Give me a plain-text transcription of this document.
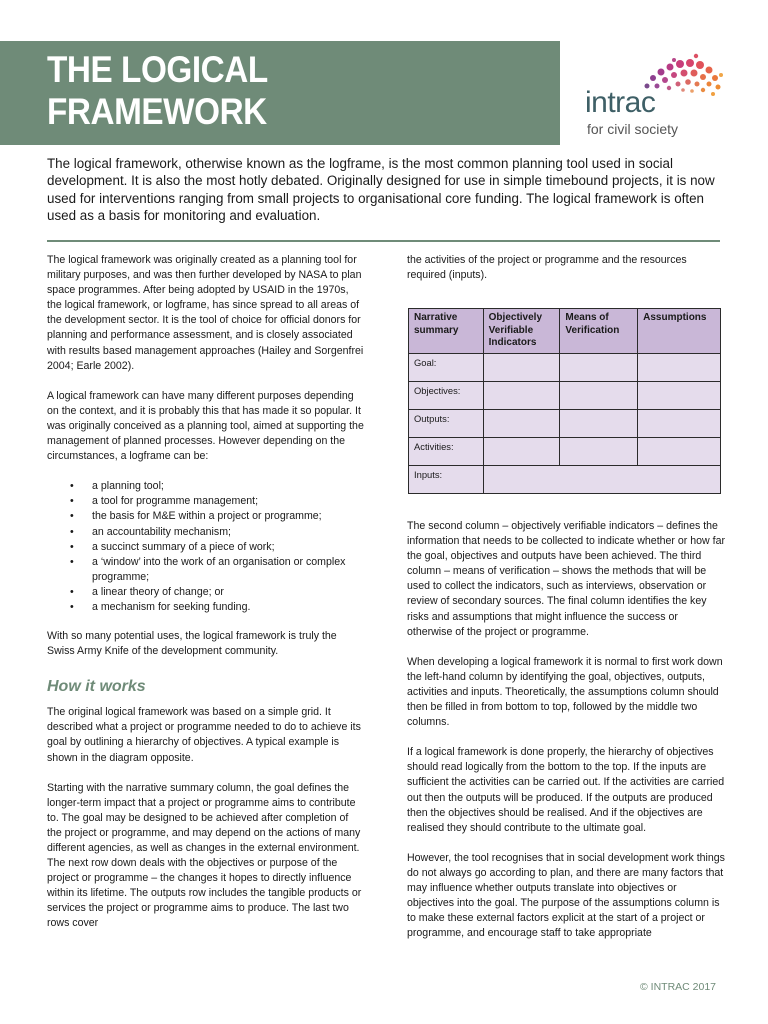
THE LOGICAL
FRAMEWORK	intrac
for civil society

The logical framework, otherwise known as the logframe, is the most common planning tool used in social development. It is also the most hotly debated. Originally designed for use in simple timebound projects, it is now used for interventions ranging from small projects to organisational core funding. The logical framework is often used as a basis for monitoring and evaluation.

The logical framework was originally created as a planning tool for military purposes, and was then further developed by NASA to plan space programmes. After being adopted by USAID in the 1970s, the logical framework, or logframe, has since spread to all areas of the development sector. It is the tool of choice for official donors for planning and performance assessment, and is closely associated with results based management approaches (Hailey and Sorgenfrei 2004; Earle 2002).

A logical framework can have many different purposes depending on the context, and it is probably this that has made it so popular. It was originally conceived as a planning tool, aimed at supporting the management of planned processes. However depending on the circumstances, a logframe can be:

• a planning tool;
• a tool for programme management;
• the basis for M&E within a project or programme;
• an accountability mechanism;
• a succinct summary of a piece of work;
• a ‘window’ into the work of an organisation or complex programme;
• a linear theory of change; or
• a mechanism for seeking funding.

With so many potential uses, the logical framework is truly the Swiss Army Knife of the development community.

How it works

The original logical framework was based on a simple grid. It described what a project or programme needed to do to achieve its goal by outlining a hierarchy of objectives. A typical example is shown in the diagram opposite.

Starting with the narrative summary column, the goal defines the longer-term impact that a project or programme aims to contribute to. The goal may be designed to be achieved after completion of the project or programme, and may depend on the actions of many different agencies, as well as changes in the external environment. The next row down deals with the objectives or purpose of the project or programme – the changes it hopes to directly influence within its lifetime. The outputs row includes the tangible products or services the project or programme aims to produce. The last two rows cover

the activities of the project or programme and the resources required (inputs).

Narrative summary	Objectively Verifiable Indicators	Means of Verification	Assumptions
Goal:			
Objectives:			
Outputs:			
Activities:			
Inputs:			

The second column – objectively verifiable indicators – defines the information that needs to be collected to indicate whether or how far the goal, objectives and outputs have been achieved. The third column – means of verification – shows the methods that will be used to collect the indicators, such as interviews, observation or review of secondary sources. The final column identifies the key risks and assumptions that might influence the success or otherwise of the project or programme.

When developing a logical framework it is normal to first work down the left-hand column by identifying the goal, objectives, outputs, activities and inputs. Theoretically, the assumptions column should then be filled in from bottom to top, followed by the middle two columns.

If a logical framework is done properly, the hierarchy of objectives should read logically from the bottom to the top. If the inputs are sufficient the activities can be carried out. If the activities are carried out then the outputs will be produced. If the outputs are produced then the objectives should be realised. And if the objectives are realised they should contribute to the ultimate goal.

However, the tool recognises that in social development work things do not always go according to plan, and there are many factors that may influence whether outputs translate into objectives or objectives into the goal. The purpose of the assumptions column is to make these external factors explicit at the start of a project or programme, and encourage staff to take appropriate

© INTRAC 2017
